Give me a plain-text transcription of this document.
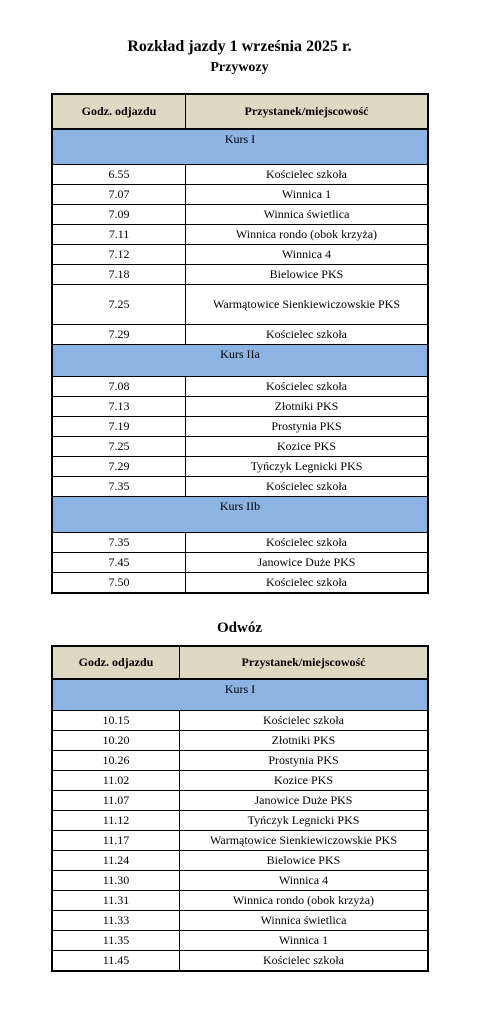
Rozkład jazdy 1 września 2025 r.
Przywozy
Godz. odjazdu	Przystanek/miejscowość
Kurs I	
6.55	Kościelec szkoła
7.07	Winnica 1
7.09	Winnica świetlica
7.11	Winnica rondo (obok krzyża)
7.12	Winnica 4
7.18	Bielowice PKS
7.25	Warmątowice Sienkiewiczowskie PKS
7.29	Kościelec szkoła
Kurs IIa	
7.08	Kościelec szkoła
7.13	Złotniki PKS
7.19	Prostynia PKS
7.25	Kozice PKS
7.29	Tyńczyk Legnicki PKS
7.35	Kościelec szkoła
Kurs IIb	
7.35	Kościelec szkoła
7.45	Janowice Duże PKS
7.50	Kościelec szkoła
Odwóz
Godz. odjazdu	Przystanek/miejscowość
Kurs I	
10.15	Kościelec szkoła
10.20	Złotniki PKS
10.26	Prostynia PKS
11.02	Kozice PKS
11.07	Janowice Duże PKS
11.12	Tyńczyk Legnicki PKS
11.17	Warmątowice Sienkiewiczowskie PKS
11.24	Bielowice PKS
11.30	Winnica 4
11.31	Winnica rondo (obok krzyża)
11.33	Winnica świetlica
11.35	Winnica 1
11.45	Kościelec szkoła
